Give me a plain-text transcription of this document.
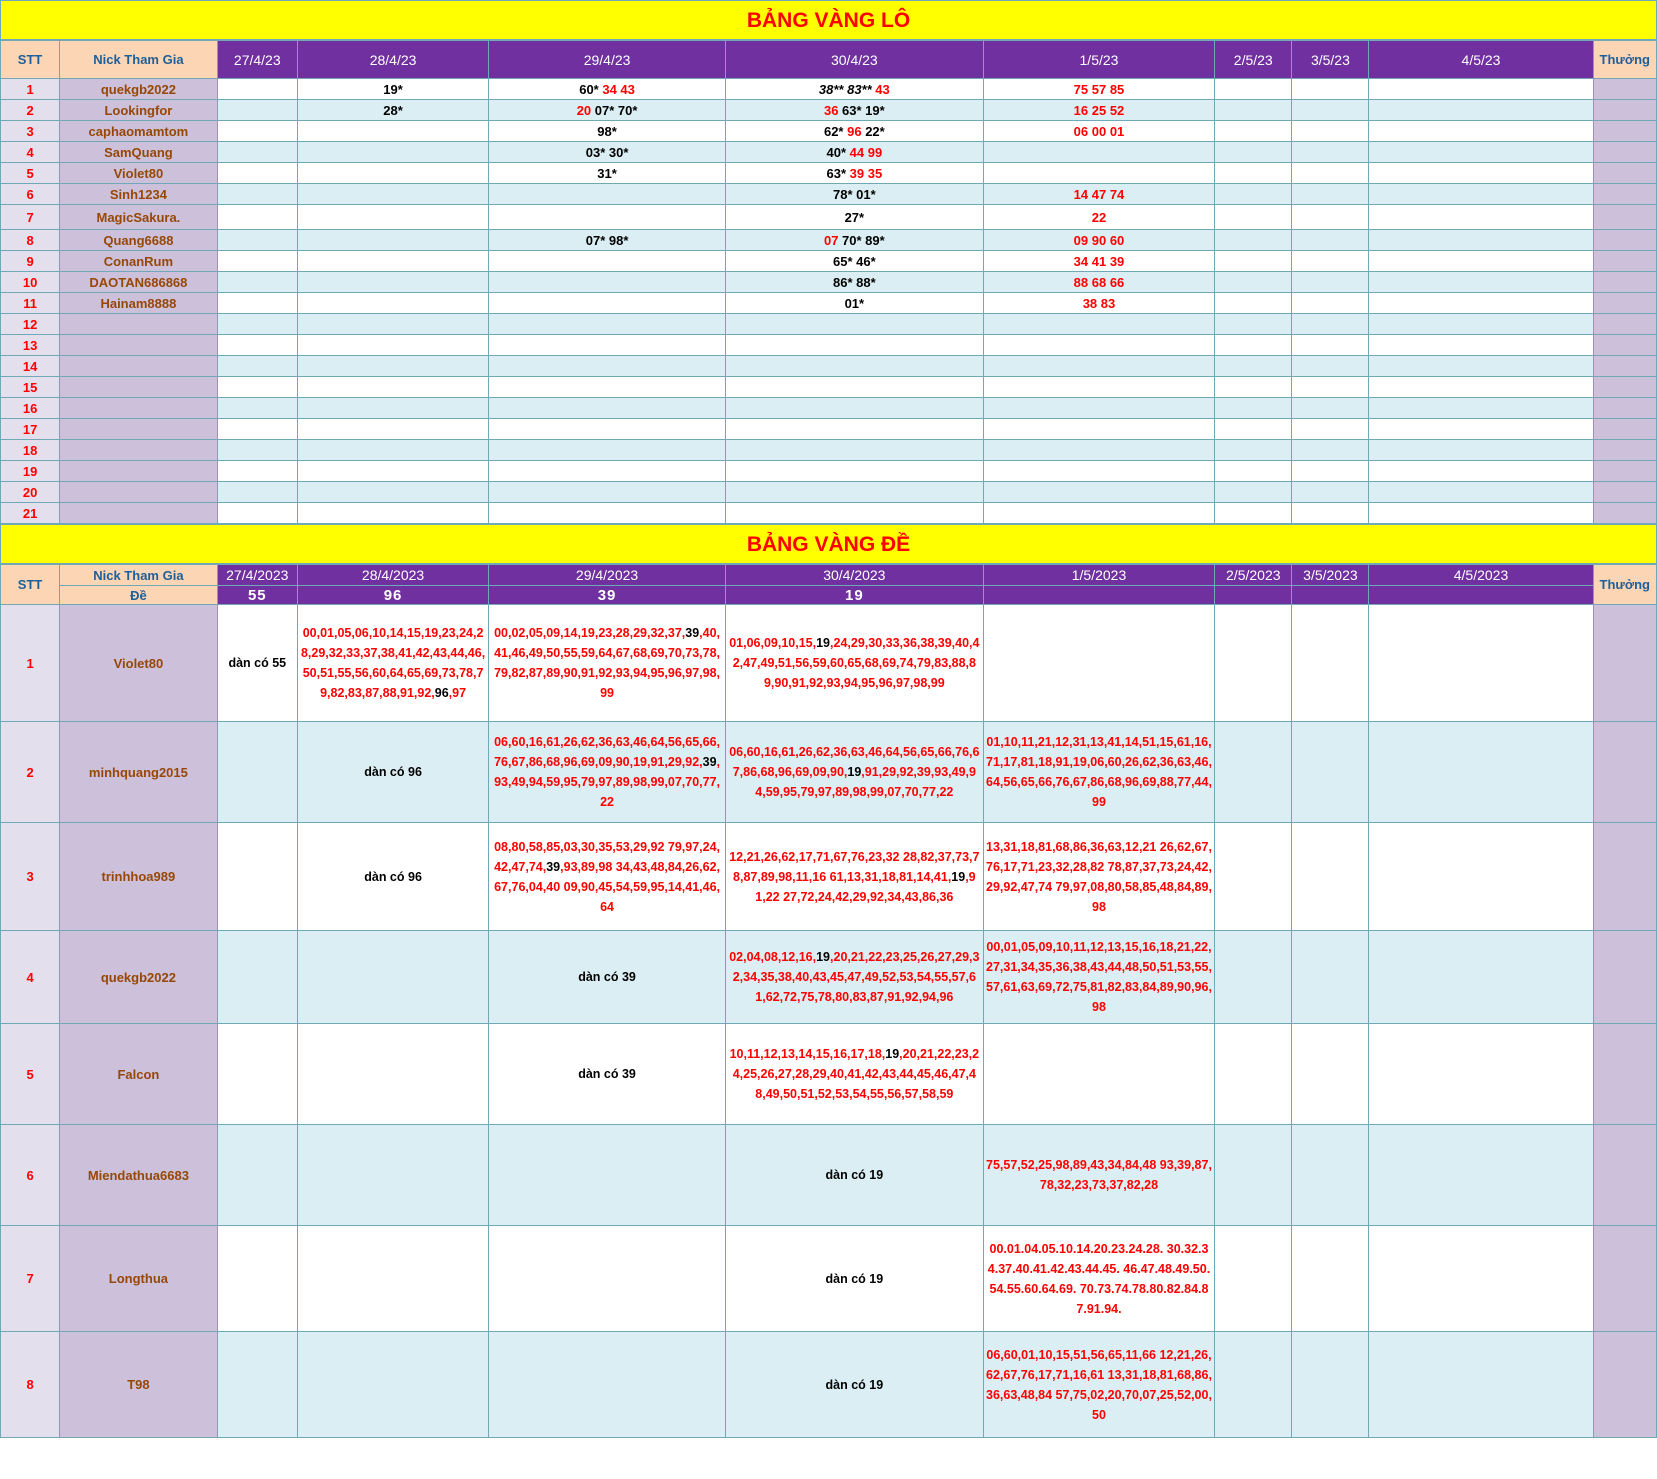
BẢNG VÀNG LÔ
STT	Nick Tham Gia	27/4/23	28/4/23	29/4/23	30/4/23	1/5/23	2/5/23	3/5/23	4/5/23	Thưởng
1	quekgb2022		19*	60* 34 43	38** 83** 43	75 57 85				
2	Lookingfor		28*	20 07* 70*	36 63* 19*	16 25 52				
3	caphaomamtom			98*	62* 96 22*	06 00 01				
4	SamQuang			03* 30*	40* 44 99					
5	Violet80			31*	63* 39 35					
6	Sinh1234				78* 01*	14 47 74				
7	MagicSakura.				27*	22				
8	Quang6688			07* 98*	07 70* 89*	09 90 60				
9	ConanRum				65* 46*	34 41 39				
10	DAOTAN686868				86* 88*	88 68 66				
11	Hainam8888				01*	38 83				
12										
13										
14										
15										
16										
17										
18										
19										
20										
21										
BẢNG VÀNG ĐỀ
STT	Nick Tham Gia	27/4/2023	28/4/2023	29/4/2023	30/4/2023	1/5/2023	2/5/2023	3/5/2023	4/5/2023	Thưởng
	Đề	55	96	39	19					
1	Violet80	dàn có 55	00,01,05,06,10,14,15,19,23,24,28,29,32,33,37,38,41,42,43,44,46,50,51,55,56,60,64,65,69,73,78,79,82,83,87,88,91,92,96,97	00,02,05,09,14,19,23,28,29,32,37,39,40,41,46,49,50,55,59,64,67,68,69,70,73,78,79,82,87,89,90,91,92,93,94,95,96,97,98,99	01,06,09,10,15,19,24,29,30,33,36,38,39,40,42,47,49,51,56,59,60,65,68,69,74,79,83,88,89,90,91,92,93,94,95,96,97,98,99					
2	minhquang2015		dàn có 96	06,60,16,61,26,62,36,63,46,64,56,65,66,76,67,86,68,96,69,09,90,19,91,29,92,39,93,49,94,59,95,79,97,89,98,99,07,70,77,22	06,60,16,61,26,62,36,63,46,64,56,65,66,76,67,86,68,96,69,09,90,19,91,29,92,39,93,49,94,59,95,79,97,89,98,99,07,70,77,22	01,10,11,21,12,31,13,41,14,51,15,61,16,71,17,81,18,91,19,06,60,26,62,36,63,46,64,56,65,66,76,67,86,68,96,69,88,77,44,99				
3	trinhhoa989		dàn có 96	08,80,58,85,03,30,35,53,29,92 79,97,24,42,47,74,39,93,89,98 34,43,48,84,26,62,67,76,04,40 09,90,45,54,59,95,14,41,46,64	12,21,26,62,17,71,67,76,23,32 28,82,37,73,78,87,89,98,11,16 61,13,31,18,81,14,41,19,91,22 27,72,24,42,29,92,34,43,86,36	13,31,18,81,68,86,36,63,12,21 26,62,67,76,17,71,23,32,28,82 78,87,37,73,24,42,29,92,47,74 79,97,08,80,58,85,48,84,89,98				
4	quekgb2022			dàn có 39	02,04,08,12,16,19,20,21,22,23,25,26,27,29,32,34,35,38,40,43,45,47,49,52,53,54,55,57,61,62,72,75,78,80,83,87,91,92,94,96	00,01,05,09,10,11,12,13,15,16,18,21,22,27,31,34,35,36,38,43,44,48,50,51,53,55,57,61,63,69,72,75,81,82,83,84,89,90,96,98				
5	Falcon			dàn có 39	10,11,12,13,14,15,16,17,18,19,20,21,22,23,24,25,26,27,28,29,40,41,42,43,44,45,46,47,48,49,50,51,52,53,54,55,56,57,58,59					
6	Miendathua6683				dàn có 19	75,57,52,25,98,89,43,34,84,48 93,39,87,78,32,23,73,37,82,28				
7	Longthua				dàn có 19	00.01.04.05.10.14.20.23.24.28. 30.32.34.37.40.41.42.43.44.45. 46.47.48.49.50.54.55.60.64.69. 70.73.74.78.80.82.84.87.91.94.				
8	T98				dàn có 19	06,60,01,10,15,51,56,65,11,66 12,21,26,62,67,76,17,71,16,61 13,31,18,81,68,86,36,63,48,84 57,75,02,20,70,07,25,52,00,50				
